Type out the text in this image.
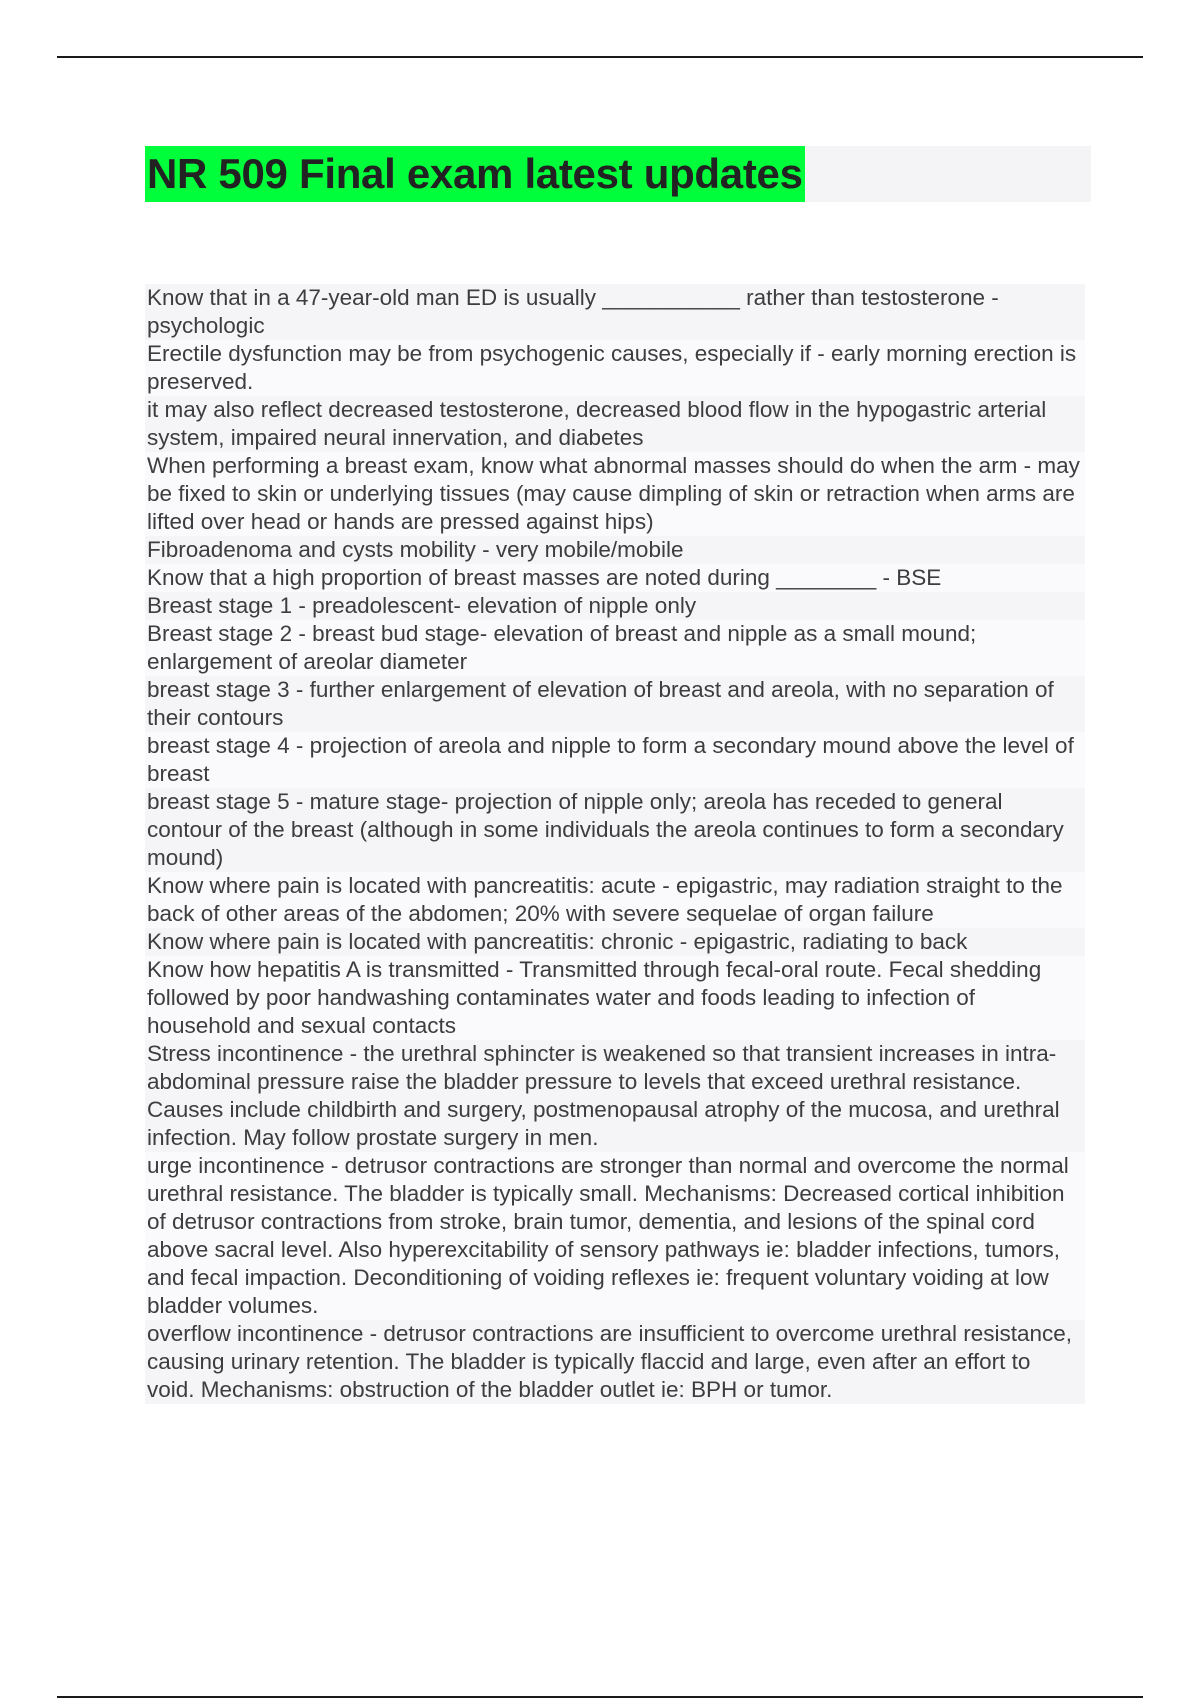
NR 509 Final exam latest updates
Know that in a 47-year-old man ED is usually ___________ rather than testosterone - psychologic
Erectile dysfunction may be from psychogenic causes, especially if - early morning erection is preserved.
it may also reflect decreased testosterone, decreased blood flow in the hypogastric arterial system, impaired neural innervation, and diabetes
When performing a breast exam, know what abnormal masses should do when the arm - may be fixed to skin or underlying tissues (may cause dimpling of skin or retraction when arms are lifted over head or hands are pressed against hips)
Fibroadenoma and cysts mobility - very mobile/mobile
Know that a high proportion of breast masses are noted during ________ - BSE
Breast stage 1 - preadolescent- elevation of nipple only
Breast stage 2 - breast bud stage- elevation of breast and nipple as a small mound; enlargement of areolar diameter
breast stage 3 - further enlargement of elevation of breast and areola, with no separation of their contours
breast stage 4 - projection of areola and nipple to form a secondary mound above the level of breast
breast stage 5 - mature stage- projection of nipple only; areola has receded to general contour of the breast (although in some individuals the areola continues to form a secondary mound)
Know where pain is located with pancreatitis: acute - epigastric, may radiation straight to the back of other areas of the abdomen; 20% with severe sequelae of organ failure
Know where pain is located with pancreatitis: chronic - epigastric, radiating to back
Know how hepatitis A is transmitted - Transmitted through fecal-oral route. Fecal shedding followed by poor handwashing contaminates water and foods leading to infection of household and sexual contacts
Stress incontinence - the urethral sphincter is weakened so that transient increases in intra-abdominal pressure raise the bladder pressure to levels that exceed urethral resistance. Causes include childbirth and surgery, postmenopausal atrophy of the mucosa, and urethral infection. May follow prostate surgery in men.
urge incontinence - detrusor contractions are stronger than normal and overcome the normal urethral resistance. The bladder is typically small. Mechanisms: Decreased cortical inhibition of detrusor contractions from stroke, brain tumor, dementia, and lesions of the spinal cord above sacral level. Also hyperexcitability of sensory pathways ie: bladder infections, tumors, and fecal impaction. Deconditioning of voiding reflexes ie: frequent voluntary voiding at low bladder volumes.
overflow incontinence - detrusor contractions are insufficient to overcome urethral resistance, causing urinary retention. The bladder is typically flaccid and large, even after an effort to void. Mechanisms: obstruction of the bladder outlet ie: BPH or tumor.
